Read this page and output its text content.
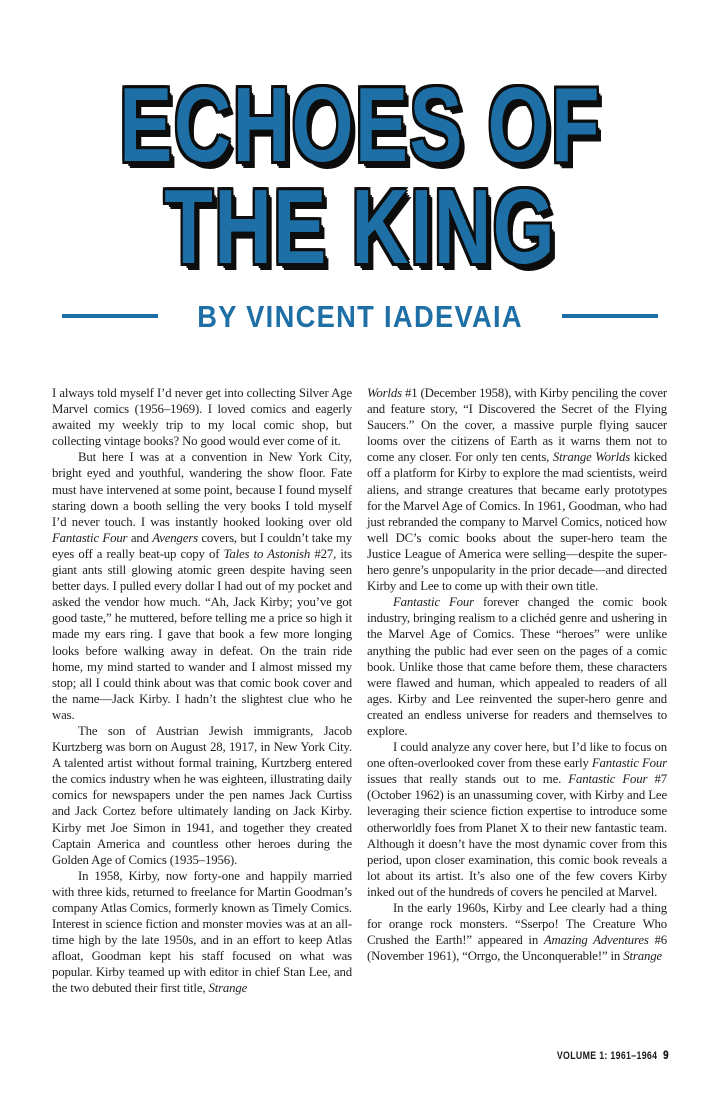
ECHOES OF
THE KING
BY VINCENT IADEVAIA

I always told myself I’d never get into collecting Silver Age Marvel comics (1956–1969). I loved comics and eagerly awaited my weekly trip to my local comic shop, but collecting vintage books? No good would ever come of it.

But here I was at a convention in New York City, bright eyed and youthful, wandering the show floor. Fate must have intervened at some point, because I found myself staring down a booth selling the very books I told myself I’d never touch. I was instantly hooked looking over old Fantastic Four and Avengers covers, but I couldn’t take my eyes off a really beat-up copy of Tales to Astonish #27, its giant ants still glowing atomic green despite having seen better days. I pulled every dollar I had out of my pocket and asked the vendor how much. “Ah, Jack Kirby; you’ve got good taste,” he muttered, before telling me a price so high it made my ears ring. I gave that book a few more longing looks before walking away in defeat. On the train ride home, my mind started to wander and I almost missed my stop; all I could think about was that comic book cover and the name—Jack Kirby. I hadn’t the slightest clue who he was.

The son of Austrian Jewish immigrants, Jacob Kurtzberg was born on August 28, 1917, in New York City. A talented artist without formal training, Kurtzberg entered the comics industry when he was eighteen, illustrating daily comics for newspapers under the pen names Jack Curtiss and Jack Cortez before ultimately landing on Jack Kirby. Kirby met Joe Simon in 1941, and together they created Captain America and countless other heroes during the Golden Age of Comics (1935–1956).

In 1958, Kirby, now forty-one and happily married with three kids, returned to freelance for Martin Goodman’s company Atlas Comics, formerly known as Timely Comics. Interest in science fiction and monster movies was at an all-time high by the late 1950s, and in an effort to keep Atlas afloat, Goodman kept his staff focused on what was popular. Kirby teamed up with editor in chief Stan Lee, and the two debuted their first title, Strange

Worlds #1 (December 1958), with Kirby penciling the cover and feature story, “I Discovered the Secret of the Flying Saucers.” On the cover, a massive purple flying saucer looms over the citizens of Earth as it warns them not to come any closer. For only ten cents, Strange Worlds kicked off a platform for Kirby to explore the mad scientists, weird aliens, and strange creatures that became early prototypes for the Marvel Age of Comics. In 1961, Goodman, who had just rebranded the company to Marvel Comics, noticed how well DC’s comic books about the super-hero team the Justice League of America were selling—despite the super-hero genre’s unpopularity in the prior decade—and directed Kirby and Lee to come up with their own title.

Fantastic Four forever changed the comic book industry, bringing realism to a clichéd genre and ushering in the Marvel Age of Comics. These “heroes” were unlike anything the public had ever seen on the pages of a comic book. Unlike those that came before them, these characters were flawed and human, which appealed to readers of all ages. Kirby and Lee reinvented the super-hero genre and created an endless universe for readers and themselves to explore.

I could analyze any cover here, but I’d like to focus on one often-overlooked cover from these early Fantastic Four issues that really stands out to me. Fantastic Four #7 (October 1962) is an unassuming cover, with Kirby and Lee leveraging their science fiction expertise to introduce some otherworldly foes from Planet X to their new fantastic team. Although it doesn’t have the most dynamic cover from this period, upon closer examination, this comic book reveals a lot about its artist. It’s also one of the few covers Kirby inked out of the hundreds of covers he penciled at Marvel.

In the early 1960s, Kirby and Lee clearly had a thing for orange rock monsters. “Sserpo! The Creature Who Crushed the Earth!” appeared in Amazing Adventures #6 (November 1961), “Orrgo, the Unconquerable!” in Strange

VOLUME 1: 1961–1964 9
